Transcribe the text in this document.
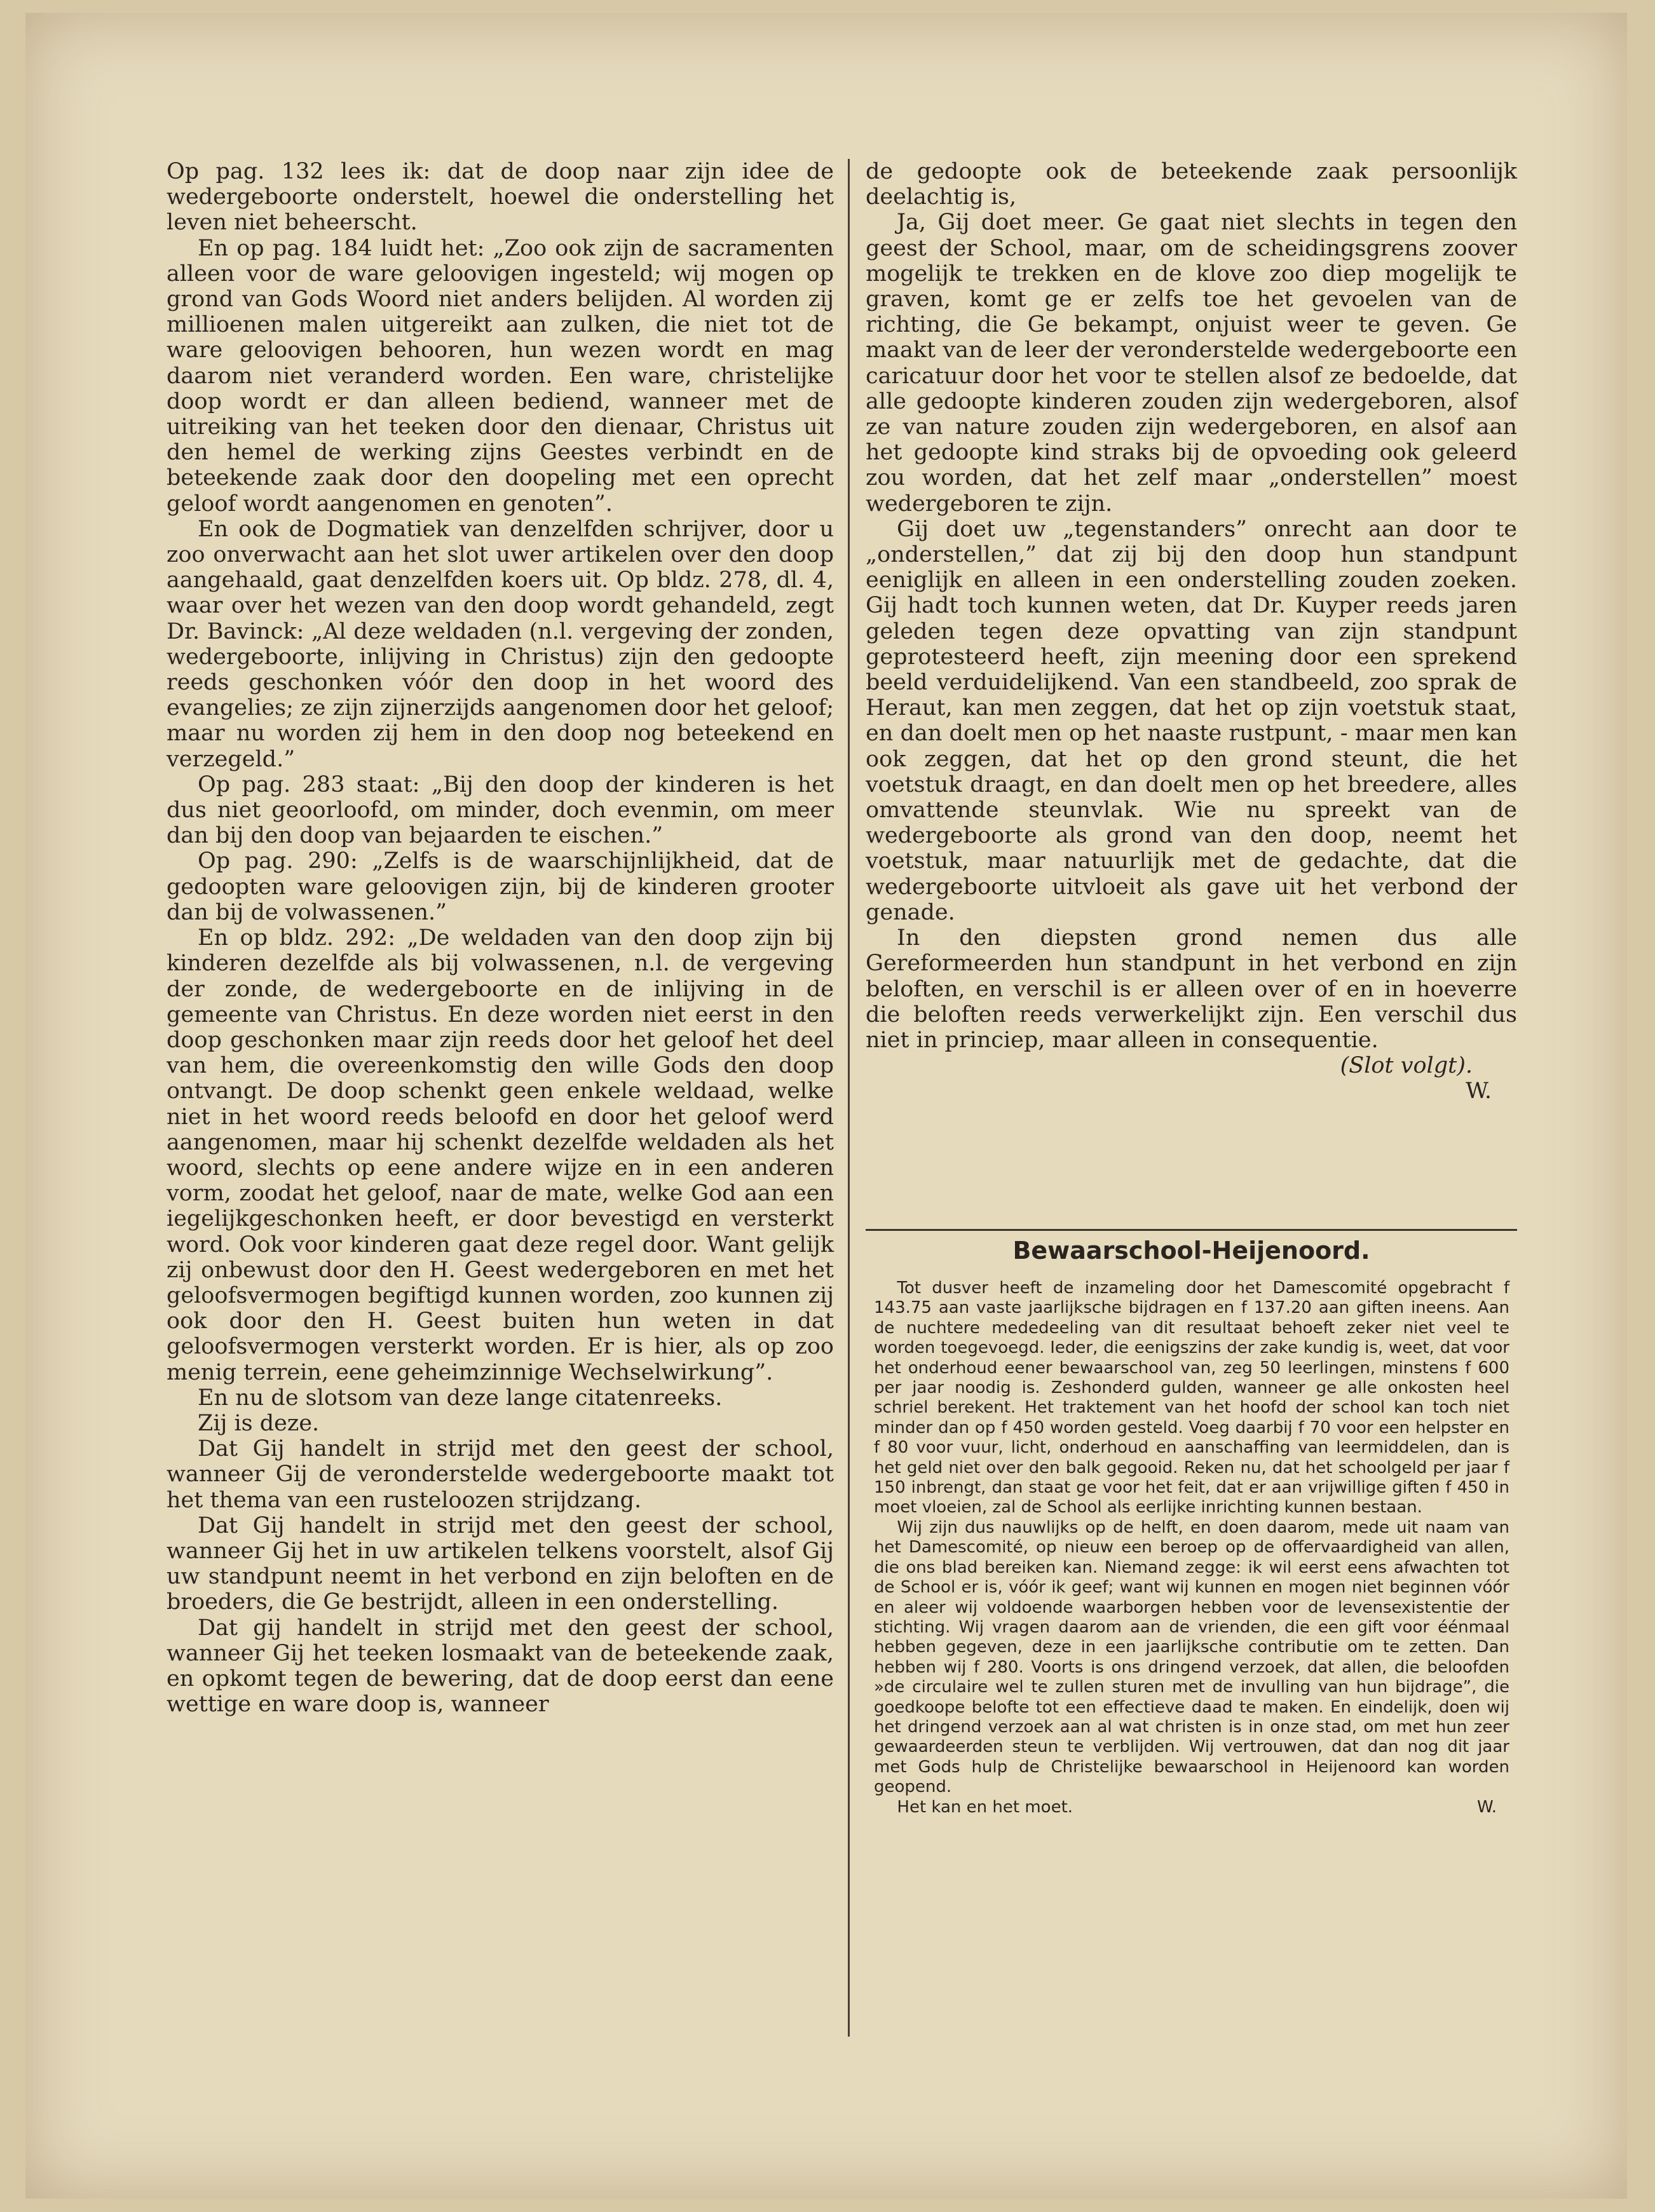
Op pag. 132 lees ik: dat de doop naar zijn idee de wedergeboorte onderstelt, hoewel die onderstelling het leven niet beheerscht.

En op pag. 184 luidt het: „Zoo ook zijn de sacramenten alleen voor de ware geloovigen ingesteld; wij mogen op grond van Gods Woord niet anders belijden. Al worden zij millioenen malen uitgereikt aan zulken, die niet tot de ware geloovigen behooren, hun wezen wordt en mag daarom niet veranderd worden. Een ware, christelijke doop wordt er dan alleen bediend, wanneer met de uitreiking van het teeken door den dienaar, Christus uit den hemel de werking zijns Geestes verbindt en de beteekende zaak door den doopeling met een oprecht geloof wordt aangenomen en genoten”.

En ook de Dogmatiek van denzelfden schrijver, door u zoo onverwacht aan het slot uwer artikelen over den doop aangehaald, gaat denzelfden koers uit. Op bldz. 278, dl. 4, waar over het wezen van den doop wordt gehandeld, zegt Dr. Bavinck: „Al deze weldaden (n.l. vergeving der zonden, wedergeboorte, inlijving in Christus) zijn den gedoopte reeds geschonken vóór den doop in het woord des evangelies; ze zijn zijnerzijds aangenomen door het geloof; maar nu worden zij hem in den doop nog beteekend en verzegeld.”

Op pag. 283 staat: „Bij den doop der kinderen is het dus niet geoorloofd, om minder, doch evenmin, om meer dan bij den doop van bejaarden te eischen.”

Op pag. 290: „Zelfs is de waarschijnlijkheid, dat de gedoopten ware geloovigen zijn, bij de kinderen grooter dan bij de volwassenen.”

En op bldz. 292: „De weldaden van den doop zijn bij kinderen dezelfde als bij volwassenen, n.l. de vergeving der zonde, de wedergeboorte en de inlijving in de gemeente van Christus. En deze worden niet eerst in den doop geschonken maar zijn reeds door het geloof het deel van hem, die overeenkomstig den wille Gods den doop ontvangt. De doop schenkt geen enkele weldaad, welke niet in het woord reeds beloofd en door het geloof werd aangenomen, maar hij schenkt dezelfde weldaden als het woord, slechts op eene andere wijze en in een anderen vorm, zoodat het geloof, naar de mate, welke God aan een iegelijkgeschonken heeft, er door bevestigd en versterkt word. Ook voor kinderen gaat deze regel door. Want gelijk zij onbewust door den H. Geest wedergeboren en met het geloofsvermogen begiftigd kunnen worden, zoo kunnen zij ook door den H. Geest buiten hun weten in dat geloofsvermogen versterkt worden. Er is hier, als op zoo menig terrein, eene geheimzinnige Wechselwirkung”.

En nu de slotsom van deze lange citatenreeks.

Zij is deze.

Dat Gij handelt in strijd met den geest der school, wanneer Gij de veronderstelde wedergeboorte maakt tot het thema van een rusteloozen strijdzang.

Dat Gij handelt in strijd met den geest der school, wanneer Gij het in uw artikelen telkens voorstelt, alsof Gij uw standpunt neemt in het verbond en zijn beloften en de broeders, die Ge bestrijdt, alleen in een onderstelling.

Dat gij handelt in strijd met den geest der school, wanneer Gij het teeken losmaakt van de beteekende zaak, en opkomt tegen de bewering, dat de doop eerst dan eene wettige en ware doop is, wanneer

de gedoopte ook de beteekende zaak persoonlijk deelachtig is,

Ja, Gij doet meer. Ge gaat niet slechts in tegen den geest der School, maar, om de scheidingsgrens zoover mogelijk te trekken en de klove zoo diep mogelijk te graven, komt ge er zelfs toe het gevoelen van de richting, die Ge bekampt, onjuist weer te geven. Ge maakt van de leer der veronderstelde wedergeboorte een caricatuur door het voor te stellen alsof ze bedoelde, dat alle gedoopte kinderen zouden zijn wedergeboren, alsof ze van nature zouden zijn wedergeboren, en alsof aan het gedoopte kind straks bij de opvoeding ook geleerd zou worden, dat het zelf maar „onderstellen” moest wedergeboren te zijn.

Gij doet uw „tegenstanders” onrecht aan door te „onderstellen,” dat zij bij den doop hun standpunt eeniglijk en alleen in een onderstelling zouden zoeken. Gij hadt toch kunnen weten, dat Dr. Kuyper reeds jaren geleden tegen deze opvatting van zijn standpunt geprotesteerd heeft, zijn meening door een sprekend beeld verduidelijkend. Van een standbeeld, zoo sprak de Heraut, kan men zeggen, dat het op zijn voetstuk staat, en dan doelt men op het naaste rustpunt, - maar men kan ook zeggen, dat het op den grond steunt, die het voetstuk draagt, en dan doelt men op het breedere, alles omvattende steunvlak. Wie nu spreekt van de wedergeboorte als grond van den doop, neemt het voetstuk, maar natuurlijk met de gedachte, dat die wedergeboorte uitvloeit als gave uit het verbond der genade.

In den diepsten grond nemen dus alle Gereformeerden hun standpunt in het verbond en zijn beloften, en verschil is er alleen over of en in hoeverre die beloften reeds verwerkelijkt zijn. Een verschil dus niet in princiep, maar alleen in consequentie.

(Slot volgt).

W.

Bewaarschool-Heijenoord.

Tot dusver heeft de inzameling door het Damescomité opgebracht f 143.75 aan vaste jaarlijksche bijdragen en f 137.20 aan giften ineens. Aan de nuchtere mededeeling van dit resultaat behoeft zeker niet veel te worden toegevoegd. Ieder, die eenigszins der zake kundig is, weet, dat voor het onderhoud eener bewaarschool van, zeg 50 leerlingen, minstens f 600 per jaar noodig is. Zeshonderd gulden, wanneer ge alle onkosten heel schriel berekent. Het traktement van het hoofd der school kan toch niet minder dan op f 450 worden gesteld. Voeg daarbij f 70 voor een helpster en f 80 voor vuur, licht, onderhoud en aanschaffing van leermiddelen, dan is het geld niet over den balk gegooid. Reken nu, dat het schoolgeld per jaar f 150 inbrengt, dan staat ge voor het feit, dat er aan vrijwillige giften f 450 in moet vloeien, zal de School als eerlijke inrichting kunnen bestaan.

Wij zijn dus nauwlijks op de helft, en doen daarom, mede uit naam van het Damescomité, op nieuw een beroep op de offervaardigheid van allen, die ons blad bereiken kan. Niemand zegge: ik wil eerst eens afwachten tot de School er is, vóór ik geef; want wij kunnen en mogen niet beginnen vóór en aleer wij voldoende waarborgen hebben voor de levensexistentie der stichting. Wij vragen daarom aan de vrienden, die een gift voor éénmaal hebben gegeven, deze in een jaarlijksche contributie om te zetten. Dan hebben wij f 280. Voorts is ons dringend verzoek, dat allen, die beloofden »de circulaire wel te zullen sturen met de invulling van hun bijdrage”, die goedkoope belofte tot een effectieve daad te maken. En eindelijk, doen wij het dringend verzoek aan al wat christen is in onze stad, om met hun zeer gewaardeerden steun te verblijden. Wij vertrouwen, dat dan nog dit jaar met Gods hulp de Christelijke bewaarschool in Heijenoord kan worden geopend.

Het kan en het moet.	W.
